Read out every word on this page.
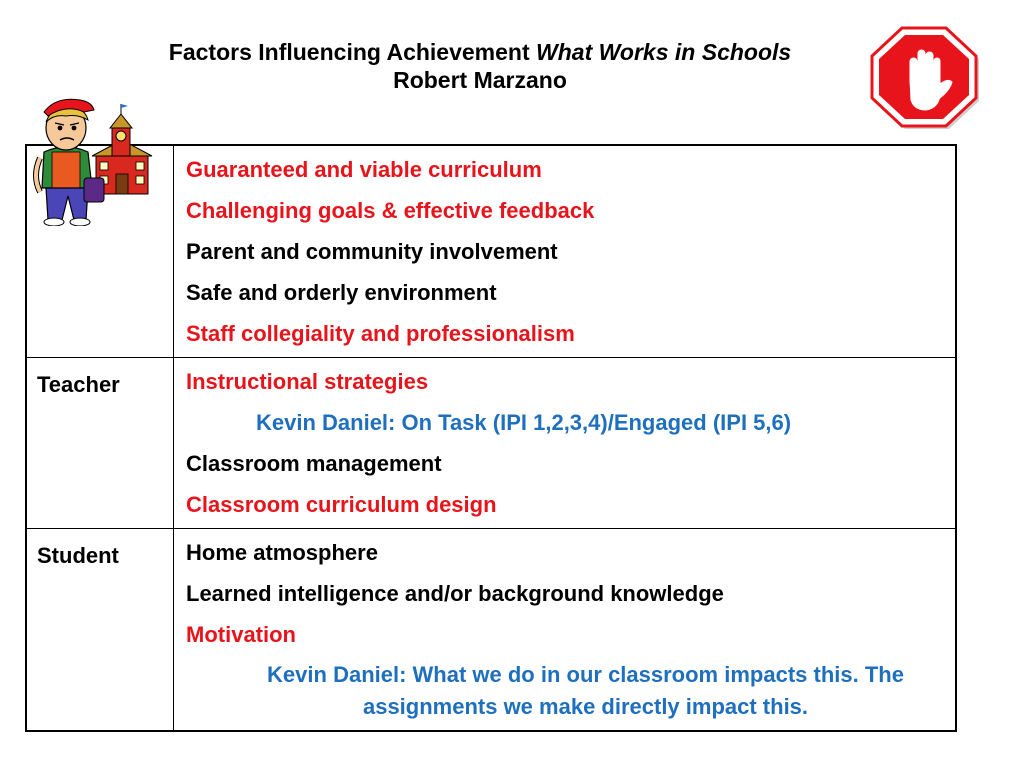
Factors Influencing Achievement What Works in Schools
Robert Marzano

	Guaranteed and viable curriculum
Challenging goals & effective feedback
Parent and community involvement
Safe and orderly environment
Staff collegiality and professionalism

Teacher	Instructional strategies
Kevin Daniel: On Task (IPI 1,2,3,4)/Engaged (IPI 5,6)
Classroom management
Classroom curriculum design

Student	Home atmosphere
Learned intelligence and/or background knowledge
Motivation
Kevin Daniel: What we do in our classroom impacts this. The assignments we make directly impact this.
